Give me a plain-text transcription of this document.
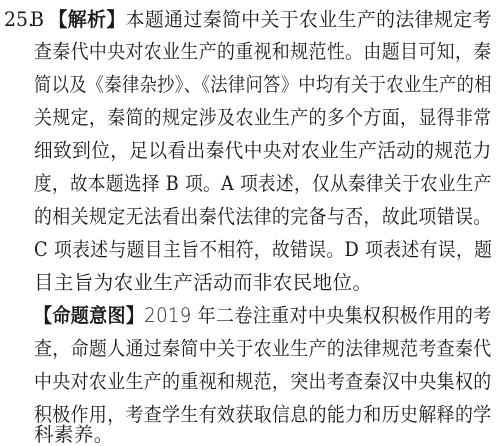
25.B 【解析】本题通过秦简中关于农业生产的法律规定考
查秦代中央对农业生产的重视和规范性。由题目可知，秦
简以及《秦律杂抄》、《法律问答》中均有关于农业生产的相
关规定，秦简的规定涉及农业生产的多个方面，显得非常
细致到位，足以看出秦代中央对农业生产活动的规范力
度，故本题选择 B 项。A 项表述，仅从秦律关于农业生产
的相关规定无法看出秦代法律的完备与否，故此项错误。
C 项表述与题目主旨不相符，故错误。D 项表述有误，题
目主旨为农业生产活动而非农民地位。
【命题意图】2019 年二卷注重对中央集权积极作用的考
查，命题人通过秦简中关于农业生产的法律规范考查秦代
中央对农业生产的重视和规范，突出考查秦汉中央集权的
积极作用，考查学生有效获取信息的能力和历史解释的学
科素养。
